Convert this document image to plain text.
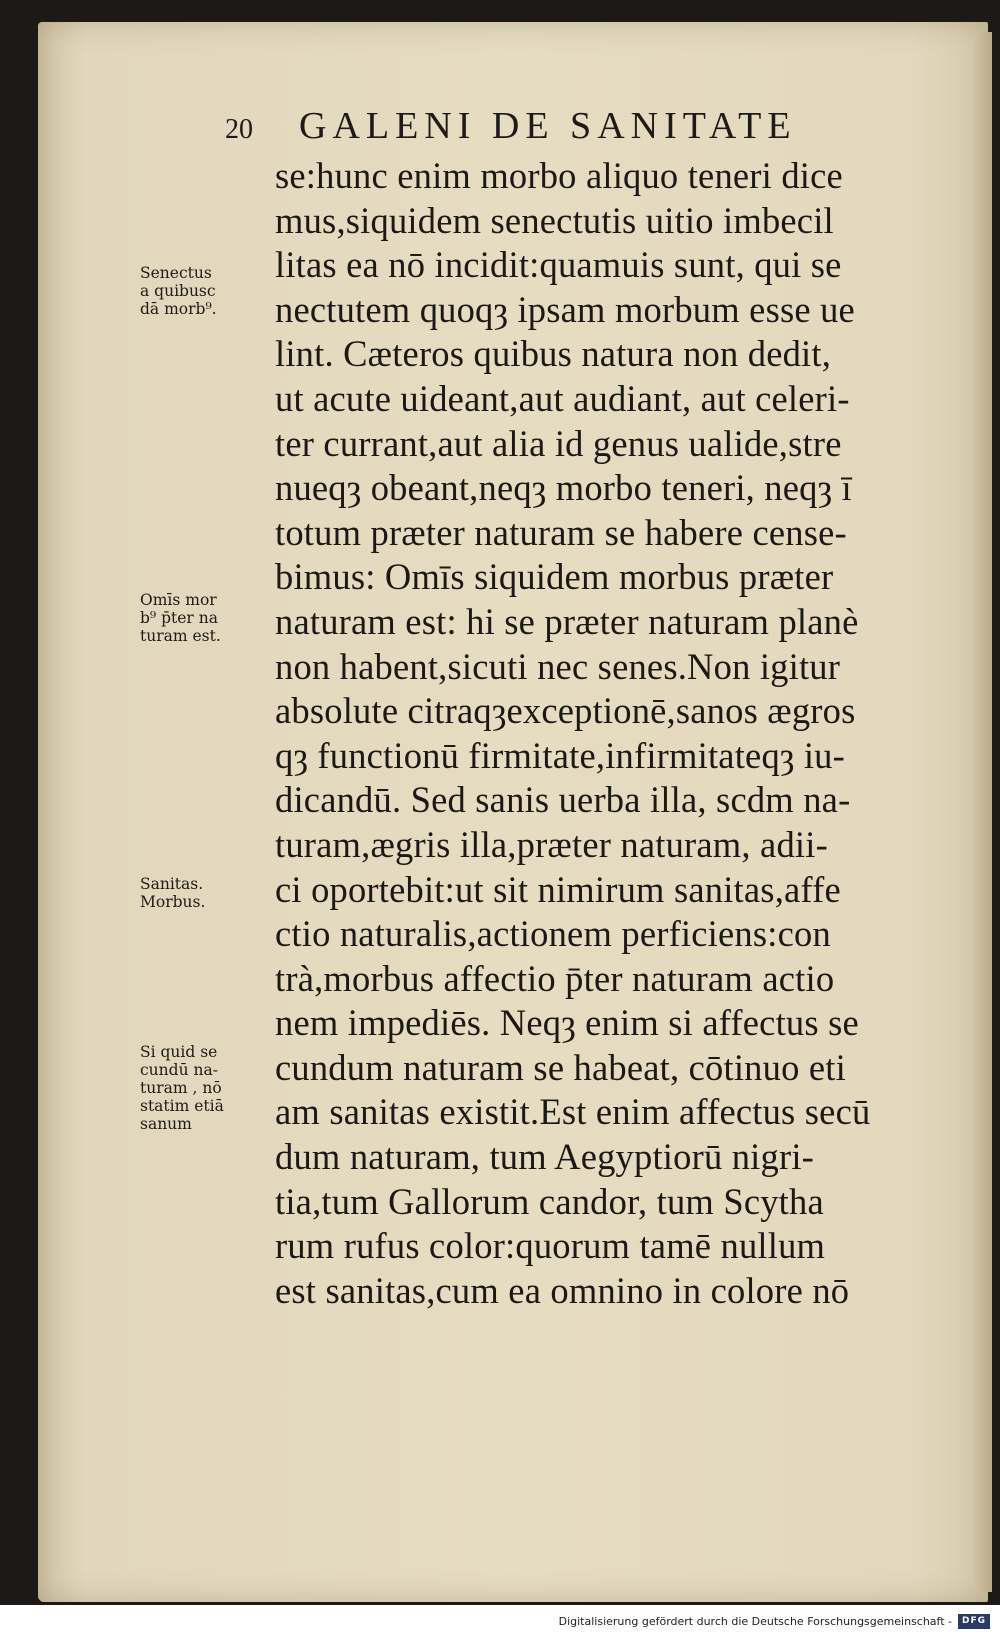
20 GALENI DE SANITATE
se:hunc enim morbo aliquo teneri dice
mus,siquidem senectutis uitio imbecil
litas ea nō incidit:quamuis sunt, qui se
nectutem quoqȝ ipsam morbum esse ue
lint. Cæteros quibus natura non dedit,
ut acute uideant,aut audiant, aut celeri-
ter currant,aut alia id genus ualide,stre
nueqȝ obeant,neqȝ morbo teneri, neqȝ ī
totum præter naturam se habere cense-
bimus: Omīs siquidem morbus præter
naturam est: hi se præter naturam planè
non habent,sicuti nec senes.Non igitur
absolute citraqȝexceptionē,sanos ægros
qȝ functionū firmitate,infirmitateqȝ iu-
dicandū. Sed sanis uerba illa, scdm na-
turam,ægris illa,præter naturam, adii-
ci oportebit:ut sit nimirum sanitas,affe
ctio naturalis,actionem perficiens:con
trà,morbus affectio p̄ter naturam actio
nem impediēs. Neqȝ enim si affectus se
cundum naturam se habeat, cōtinuo eti
am sanitas existit.Est enim affectus secū
dum naturam, tum Aegyptiorū nigri-
tia,tum Gallorum candor, tum Scytha
rum rufus color:quorum tamē nullum
est sanitas,cum ea omnino in colore nō
Senectus
a quibusc
dā morb⁹.
Omīs mor
b⁹ p̄ter na
turam est.
Sanitas.
Morbus.
Si quid se
cundū na-
turam , nō
statim etiā
sanum
Digitalisierung gefördert durch die Deutsche Forschungsgemeinschaft -	DFG
